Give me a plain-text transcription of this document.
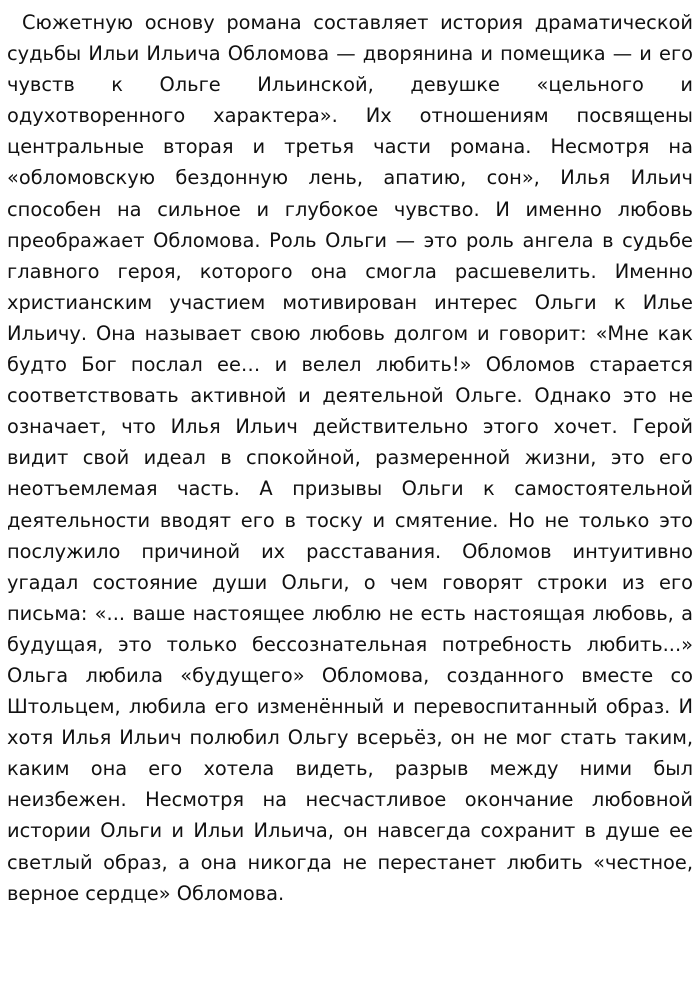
Сюжетную основу романа составляет история драматической судьбы Ильи Ильича Обломова — дворянина и помещика — и его чувств к Ольге Ильинской, девушке «цельного и одухотворенного характера». Их отношениям посвящены центральные вторая и третья части романа. Несмотря на «обломовскую бездонную лень, апатию, сон», Илья Ильич способен на сильное и глубокое чувство. И именно любовь преображает Обломова. Роль Ольги — это роль ангела в судьбе главного героя, которого она смогла расшевелить. Именно христианским участием мотивирован интерес Ольги к Илье Ильичу. Она называет свою любовь долгом и говорит: «Мне как будто Бог послал ее… и велел любить!» Обломов старается соответствовать активной и деятельной Ольге. Однако это не означает, что Илья Ильич действительно этого хочет. Герой видит свой идеал в спокойной, размеренной жизни, это его неотъемлемая часть. А призывы Ольги к самостоятельной деятельности вводят его в тоску и смятение. Но не только это послужило причиной их расставания. Обломов интуитивно угадал состояние души Ольги, о чем говорят строки из его письма: «... ваше настоящее люблю не есть настоящая любовь, а будущая, это только бессознательная потребность любить...» Ольга любила «будущего» Обломова, созданного вместе со Штольцем, любила его изменённый и перевоспитанный образ. И хотя Илья Ильич полюбил Ольгу всерьёз, он не мог стать таким, каким она его хотела видеть, разрыв между ними был неизбежен. Несмотря на несчастливое окончание любовной истории Ольги и Ильи Ильича, он навсегда сохранит в душе ее светлый образ, а она никогда не перестанет любить «честное, верное сердце» Обломова.
